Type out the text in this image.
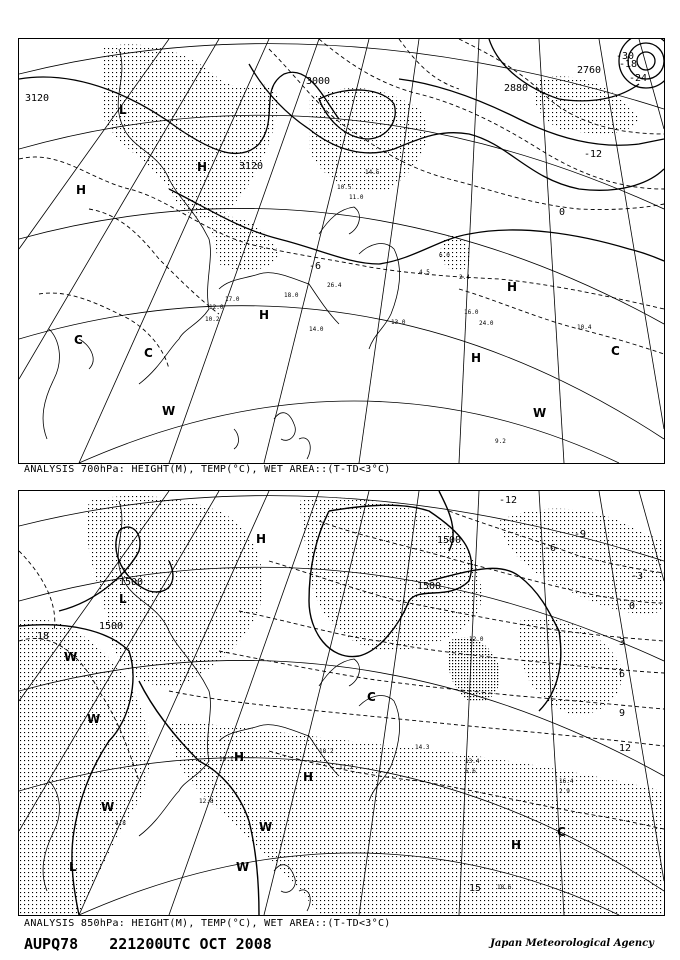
3120
3000
3120
2880
2760
-6
-12
0
-18
-24
-30
L
H
H
H
H
H
C
C
W	W
C
12.0
10.2
17.0
14.0
13.0
16.0
24.0
10.4
9.2
4.5
6.0
2.4
10.5
11.0
14.5
18.0
26.4
ANALYSIS 700hPa: HEIGHT(M), TEMP(°C), WET AREA::(T-TD<3°C)
1500
1500
1500
1500
18
15
12
9
6
3
0
-3
-6
-9
-12
L
H
H
H
H
L
W
W
W
W	C
W
C
18.2
13.4
16.4
12.8
14.3
17.2
4.8
2.9
6.6
12.0
18.6
19.1
ANALYSIS 850hPa: HEIGHT(M), TEMP(°C), WET AREA::(T-TD<3°C)
AUPQ78 221200UTC OCT 2008	Japan Meteorological Agency
